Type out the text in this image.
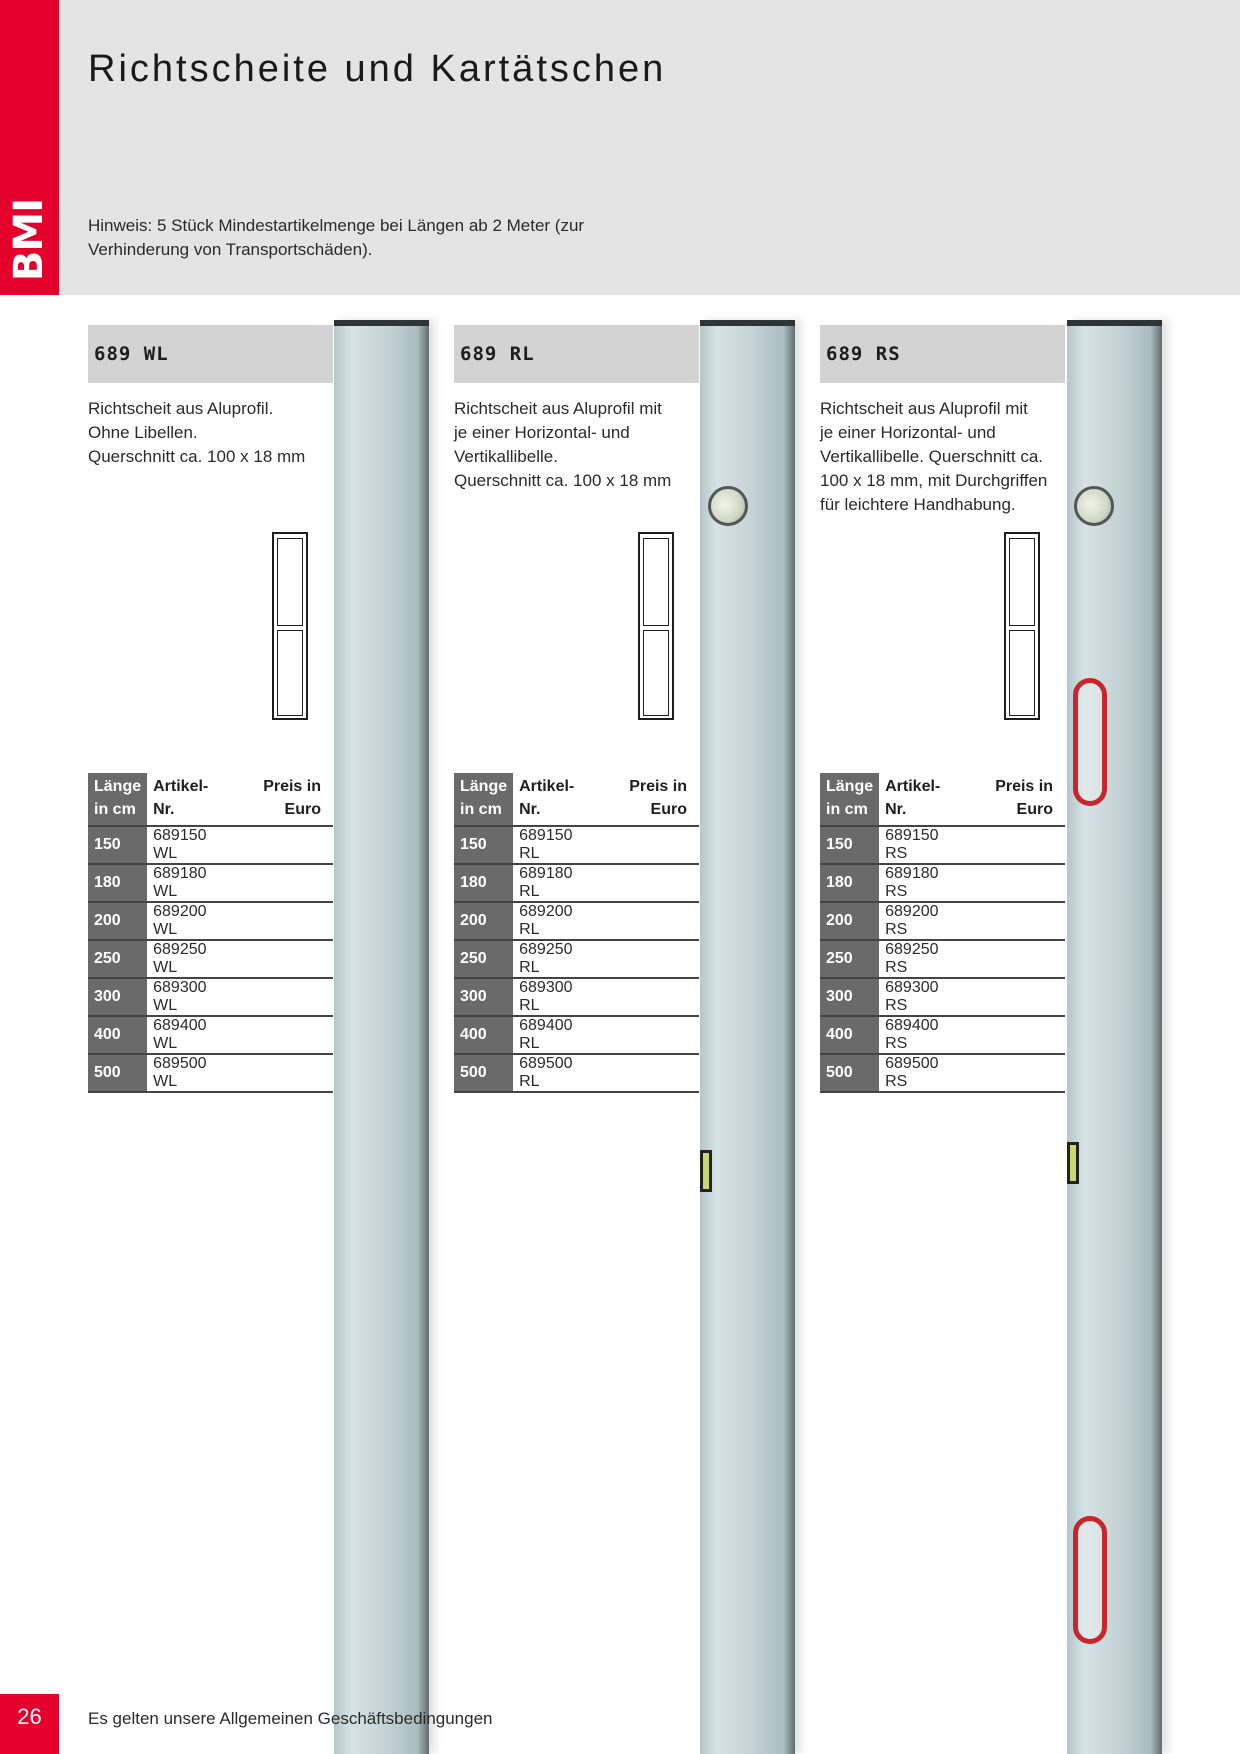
BMI
Richtscheite und Kartätschen

Hinweis: 5 Stück Mindestartikelmenge bei Längen ab 2 Meter (zur Verhinderung von Transportschäden).

689 WL
Richtscheit aus Aluprofil.
Ohne Libellen.
Querschnitt ca. 100 x 18 mm
Länge in cm	Artikel- Nr.	Preis in Euro
150	689150 WL	
180	689180 WL	
200	689200 WL	
250	689250 WL	
300	689300 WL	
400	689400 WL	
500	689500 WL	
689 RL
Richtscheit aus Aluprofil mit
je einer Horizontal- und
Vertikallibelle.
Querschnitt ca. 100 x 18 mm
Länge in cm	Artikel- Nr.	Preis in Euro
150	689150 RL	
180	689180 RL	
200	689200 RL	
250	689250 RL	
300	689300 RL	
400	689400 RL	
500	689500 RL	
689 RS
Richtscheit aus Aluprofil mit
je einer Horizontal- und
Vertikallibelle. Querschnitt ca.
100 x 18 mm, mit Durchgriffen
für leichtere Handhabung.
Länge in cm	Artikel- Nr.	Preis in Euro
150	689150 RS	
180	689180 RS	
200	689200 RS	
250	689250 RS	
300	689300 RS	
400	689400 RS	
500	689500 RS	
26	Es gelten unsere Allgemeinen Geschäftsbedingungen
